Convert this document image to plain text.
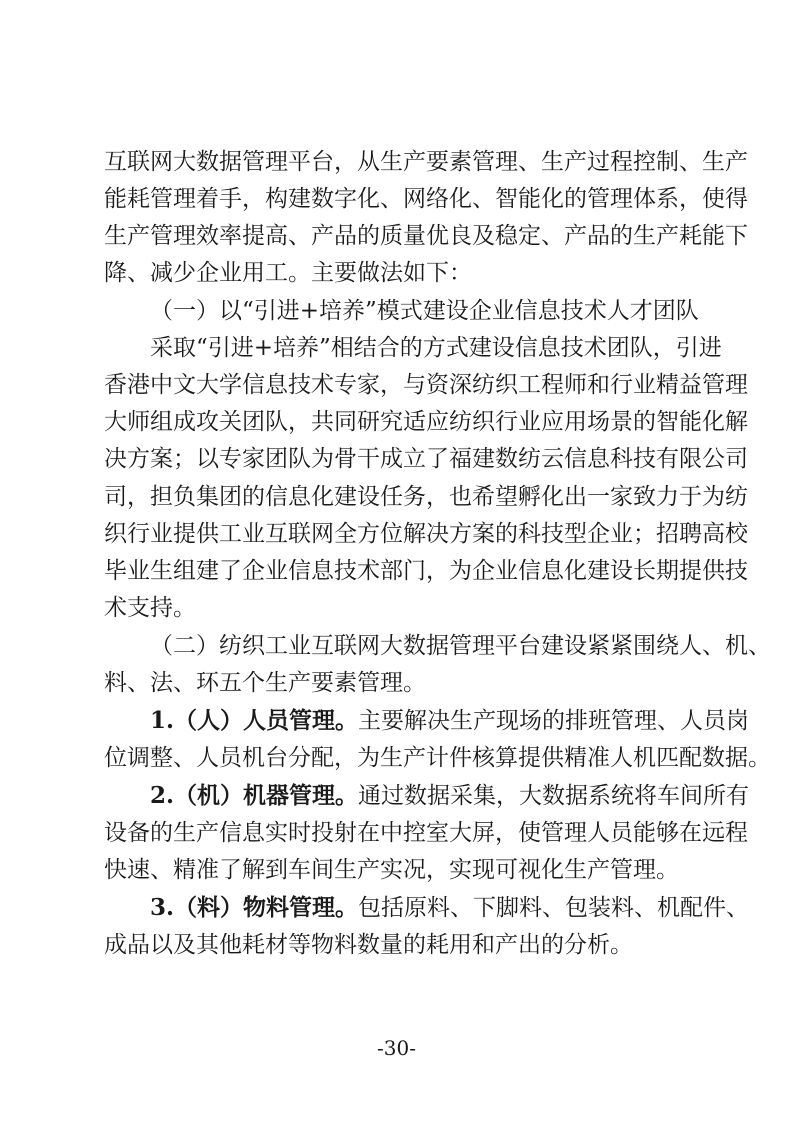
互联网大数据管理平台，从生产要素管理、生产过程控制、生产
能耗管理着手，构建数字化、网络化、智能化的管理体系，使得
生产管理效率提高、产品的质量优良及稳定、产品的生产耗能下
降、减少企业用工。主要做法如下：
（一）以“引进+培养”模式建设企业信息技术人才团队
采取“引进+培养”相结合的方式建设信息技术团队，引进
香港中文大学信息技术专家，与资深纺织工程师和行业精益管理
大师组成攻关团队，共同研究适应纺织行业应用场景的智能化解
决方案；以专家团队为骨干成立了福建数纺云信息科技有限公司
司，担负集团的信息化建设任务，也希望孵化出一家致力于为纺
织行业提供工业互联网全方位解决方案的科技型企业；招聘高校
毕业生组建了企业信息技术部门，为企业信息化建设长期提供技
术支持。
（二）纺织工业互联网大数据管理平台建设紧紧围绕人、机、
料、法、环五个生产要素管理。
1.（人）人员管理。主要解决生产现场的排班管理、人员岗
位调整、人员机台分配，为生产计件核算提供精准人机匹配数据。
2.（机）机器管理。通过数据采集，大数据系统将车间所有
设备的生产信息实时投射在中控室大屏，使管理人员能够在远程
快速、精准了解到车间生产实况，实现可视化生产管理。
3.（料）物料管理。包括原料、下脚料、包装料、机配件、
成品以及其他耗材等物料数量的耗用和产出的分析。
-30-
